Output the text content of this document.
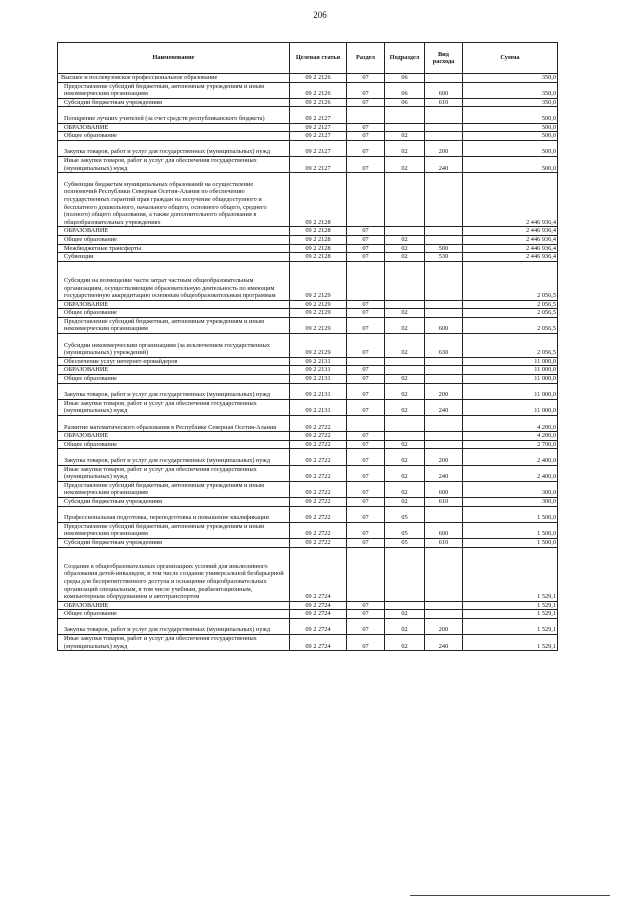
206
Наименование	Целевая статья	Раздел	Подраздел	Вид расхода	Сумма
Высшее и послевузовское профессиональное образование	09 2 2126	07	06		350,0
Предоставление субсидий бюджетным, автономным учреждениям и иным некоммерческим организациям	09 2 2126	07	06	600	350,0
Субсидии бюджетным учреждениям	09 2 2126	07	06	610	350,0
Поощрение лучших учителей (за счет средств республиканского бюджета)	09 2 2127				500,0
ОБРАЗОВАНИЕ	09 2 2127	07			500,0
Общее образование	09 2 2127	07	02		500,0
Закупка товаров, работ и услуг для государственных (муниципальных) нужд	09 2 2127	07	02	200	500,0
Иные закупки товаров, работ и услуг для обеспечения государственных (муниципальных) нужд	09 2 2127	07	02	240	500,0
Субвенции бюджетам муниципальных образований на осуществление полномочий Республики Северная Осетия-Алания по обеспечению государственных гарантий прав граждан на получение общедоступного и бесплатного дошкольного, начального общего, основного общего, среднего (полного) общего образования, а также дополнительного образования в общеобразовательных учреждениях	09 2 2128				2 446 936,4
ОБРАЗОВАНИЕ	09 2 2128	07			2 446 936,4
Общее образование	09 2 2128	07	02		2 446 936,4
Межбюджетные трансферты	09 2 2128	07	02	500	2 446 936,4
Субвенции	09 2 2128	07	02	530	2 446 936,4
Субсидии на возмещение части затрат частным общеобразовательным организациям, осуществляющим образовательную деятельность по имеющим государственную аккредитацию основным общеобразовательным программам	09 2 2129				2 056,5
ОБРАЗОВАНИЕ	09 2 2129	07			2 056,5
Общее образование	09 2 2129	07	02		2 056,5
Предоставление субсидий бюджетным, автономным учреждениям и иным некоммерческим организациям	09 2 2129	07	02	600	2 056,5
Субсидии некоммерческим организациям (за исключением государственных (муниципальных) учреждений)	09 2 2129	07	02	630	2 056,5
Обеспечение услуг интернет-провайдеров	09 2 2131				11 000,0
ОБРАЗОВАНИЕ	09 2 2131	07			11 000,0
Общее образование	09 2 2131	07	02		11 000,0
Закупка товаров, работ и услуг для государственных (муниципальных) нужд	09 2 2131	07	02	200	11 000,0
Иные закупки товаров, работ и услуг для обеспечения государственных (муниципальных) нужд	09 2 2131	07	02	240	11 000,0
Развитие математического образования в Республике Северная Осетия-Алания	09 2 2722				4 200,0
ОБРАЗОВАНИЕ	09 2 2722	07			4 200,0
Общее образование	09 2 2722	07	02		2 700,0
Закупка товаров, работ и услуг для государственных (муниципальных) нужд	09 2 2722	07	02	200	2 400,0
Иные закупки товаров, работ и услуг для обеспечения государственных (муниципальных) нужд	09 2 2722	07	02	240	2 400,0
Предоставление субсидий бюджетным, автономным учреждениям и иным некоммерческим организациям	09 2 2722	07	02	600	300,0
Субсидии бюджетным учреждениям	09 2 2722	07	02	610	300,0
Профессиональная подготовка, переподготовка и повышение квалификации	09 2 2722	07	05		1 500,0
Предоставление субсидий бюджетным, автономным учреждениям и иным некоммерческим организациям	09 2 2722	07	05	600	1 500,0
Субсидии бюджетным учреждениям	09 2 2722	07	05	610	1 500,0
Создание в общеобразовательных организациях условий для инклюзивного образования детей-инвалидов, в том числе создание универсальной безбарьерной среды для беспрепятственного доступа и оснащение общеобразовательных организаций специальным, в том числе учебным, реабилитационным, компьютерным оборудованием и автотранспортом	09 2 2724				1 529,1
ОБРАЗОВАНИЕ	09 2 2724	07			1 529,1
Общее образование	09 2 2724	07	02		1 529,1
Закупка товаров, работ и услуг для государственных (муниципальных) нужд	09 2 2724	07	02	200	1 529,1
Иные закупки товаров, работ и услуг для обеспечения государственных (муниципальных) нужд	09 2 2724	07	02	240	1 529,1
